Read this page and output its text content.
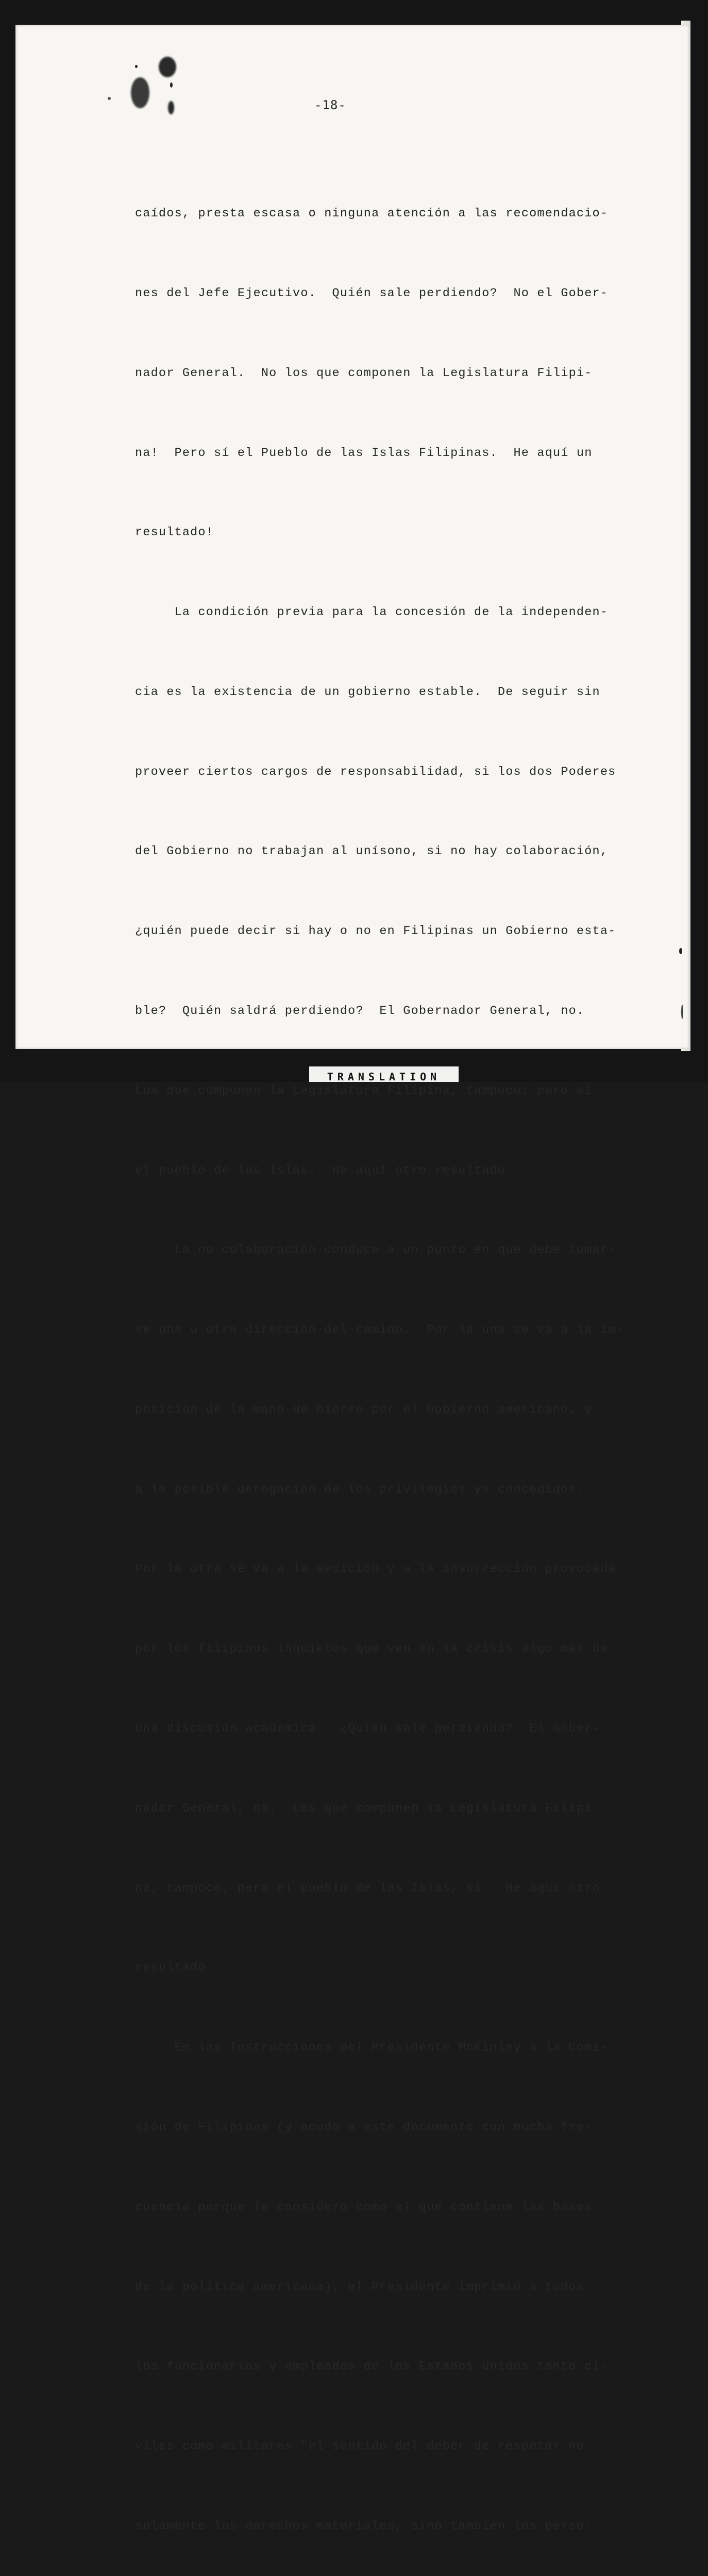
-18-

caídos, presta escasa o ninguna atención a las recomendacio-

nes del Jefe Ejecutivo.  Quién sale perdiendo?  No el Gober-

nador General.  No los que componen la Legislatura Filipi-

na!  Pero sí el Pueblo de las Islas Filipinas.  He aquí un

resultado!

La condición previa para la concesión de la independen-

cia es la existencia de un gobierno estable.  De seguir sin

proveer ciertos cargos de responsabilidad, si los dos Poderes

del Gobierno no trabajan al unísono, si no hay colaboración,

¿quién puede decir si hay o no en Filipinas un Gobierno esta-

ble?  Quién saldrá perdiendo?  El Gobernador General, no.

Los que componen la Legislatura Filipina, tampoco; pero sí

el pueblo de las Islas.  He aquí otro resultado.

La no colaboración conduce a un punto en que debe tomar-

se una u otra dirección del camino.  Por la una se va a la im-

posición de la mano de hierro por el Gobierno americano, y

a la posible derogación de los privilegios ya concedidos.

Por la otra se va a la sedición y a la insurrección provocada

por los filipinos inquietos que ven en la crisis algo más de

una discusión académica.  ¿Quién sale perdiendo?  El Gober-

nador General, no.  Los que componen la Legislatura Filipi-

na, tampoco; pero el pueblo de las Islas, sí.  He aquí otro

resultado.

En las Instrucciones del Presidente McKinley a la Comi-

sión de Filipinas (y acudo a este documento con mucha fre-

cuencia porque le considero como el que contiene las bases

de la política americana), el Presidente imprimió a todos

los funcionarios y empleados de los Estados Unidos tanto ci-

viles como militares "el sentido del deber de respetar no

solamente los derechos materiales, sino también los perso-

TRANSLATION
